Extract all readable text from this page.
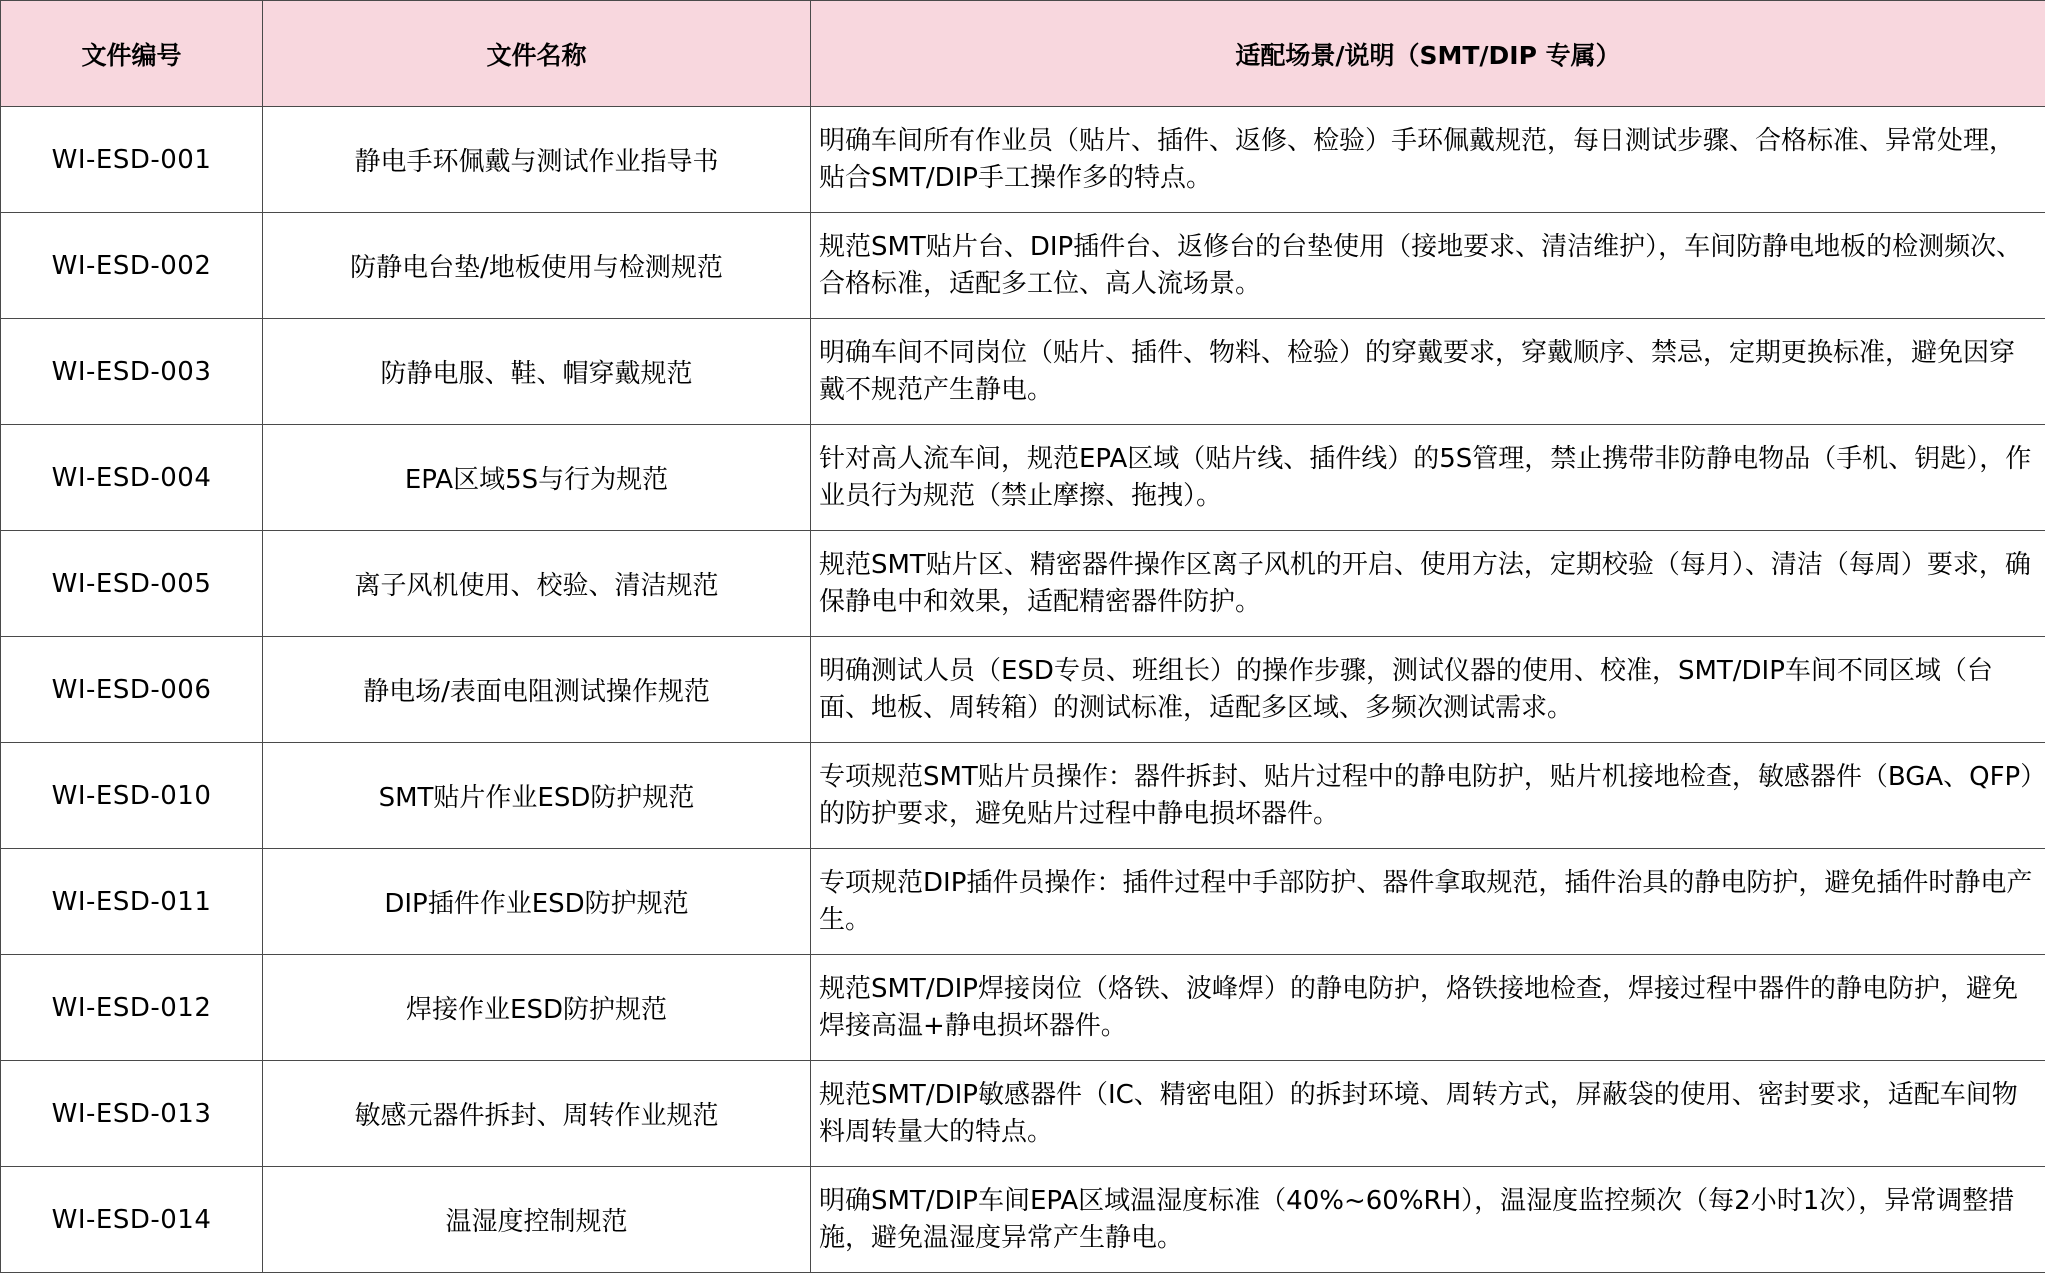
文件编号	文件名称	适配场景/说明（SMT/DIP 专属）
WI-ESD-001	静电手环佩戴与测试作业指导书	明确车间所有作业员（贴片、插件、返修、检验）手环佩戴规范，每日测试步骤、合格标准、异常处理，贴合SMT/DIP手工操作多的特点。
WI-ESD-002	防静电台垫/地板使用与检测规范	规范SMT贴片台、DIP插件台、返修台的台垫使用（接地要求、清洁维护），车间防静电地板的检测频次、合格标准，适配多工位、高人流场景。
WI-ESD-003	防静电服、鞋、帽穿戴规范	明确车间不同岗位（贴片、插件、物料、检验）的穿戴要求，穿戴顺序、禁忌，定期更换标准，避免因穿戴不规范产生静电。
WI-ESD-004	EPA区域5S与行为规范	针对高人流车间，规范EPA区域（贴片线、插件线）的5S管理，禁止携带非防静电物品（手机、钥匙），作业员行为规范（禁止摩擦、拖拽）。
WI-ESD-005	离子风机使用、校验、清洁规范	规范SMT贴片区、精密器件操作区离子风机的开启、使用方法，定期校验（每月）、清洁（每周）要求，确保静电中和效果，适配精密器件防护。
WI-ESD-006	静电场/表面电阻测试操作规范	明确测试人员（ESD专员、班组长）的操作步骤，测试仪器的使用、校准，SMT/DIP车间不同区域（台面、地板、周转箱）的测试标准，适配多区域、多频次测试需求。
WI-ESD-010	SMT贴片作业ESD防护规范	专项规范SMT贴片员操作：器件拆封、贴片过程中的静电防护，贴片机接地检查，敏感器件（BGA、QFP）的防护要求，避免贴片过程中静电损坏器件。
WI-ESD-011	DIP插件作业ESD防护规范	专项规范DIP插件员操作：插件过程中手部防护、器件拿取规范，插件治具的静电防护，避免插件时静电产生。
WI-ESD-012	焊接作业ESD防护规范	规范SMT/DIP焊接岗位（烙铁、波峰焊）的静电防护，烙铁接地检查，焊接过程中器件的静电防护，避免焊接高温+静电损坏器件。
WI-ESD-013	敏感元器件拆封、周转作业规范	规范SMT/DIP敏感器件（IC、精密电阻）的拆封环境、周转方式，屏蔽袋的使用、密封要求，适配车间物料周转量大的特点。
WI-ESD-014	温湿度控制规范	明确SMT/DIP车间EPA区域温湿度标准（40%~60%RH），温湿度监控频次（每2小时1次），异常调整措施，避免温湿度异常产生静电。
